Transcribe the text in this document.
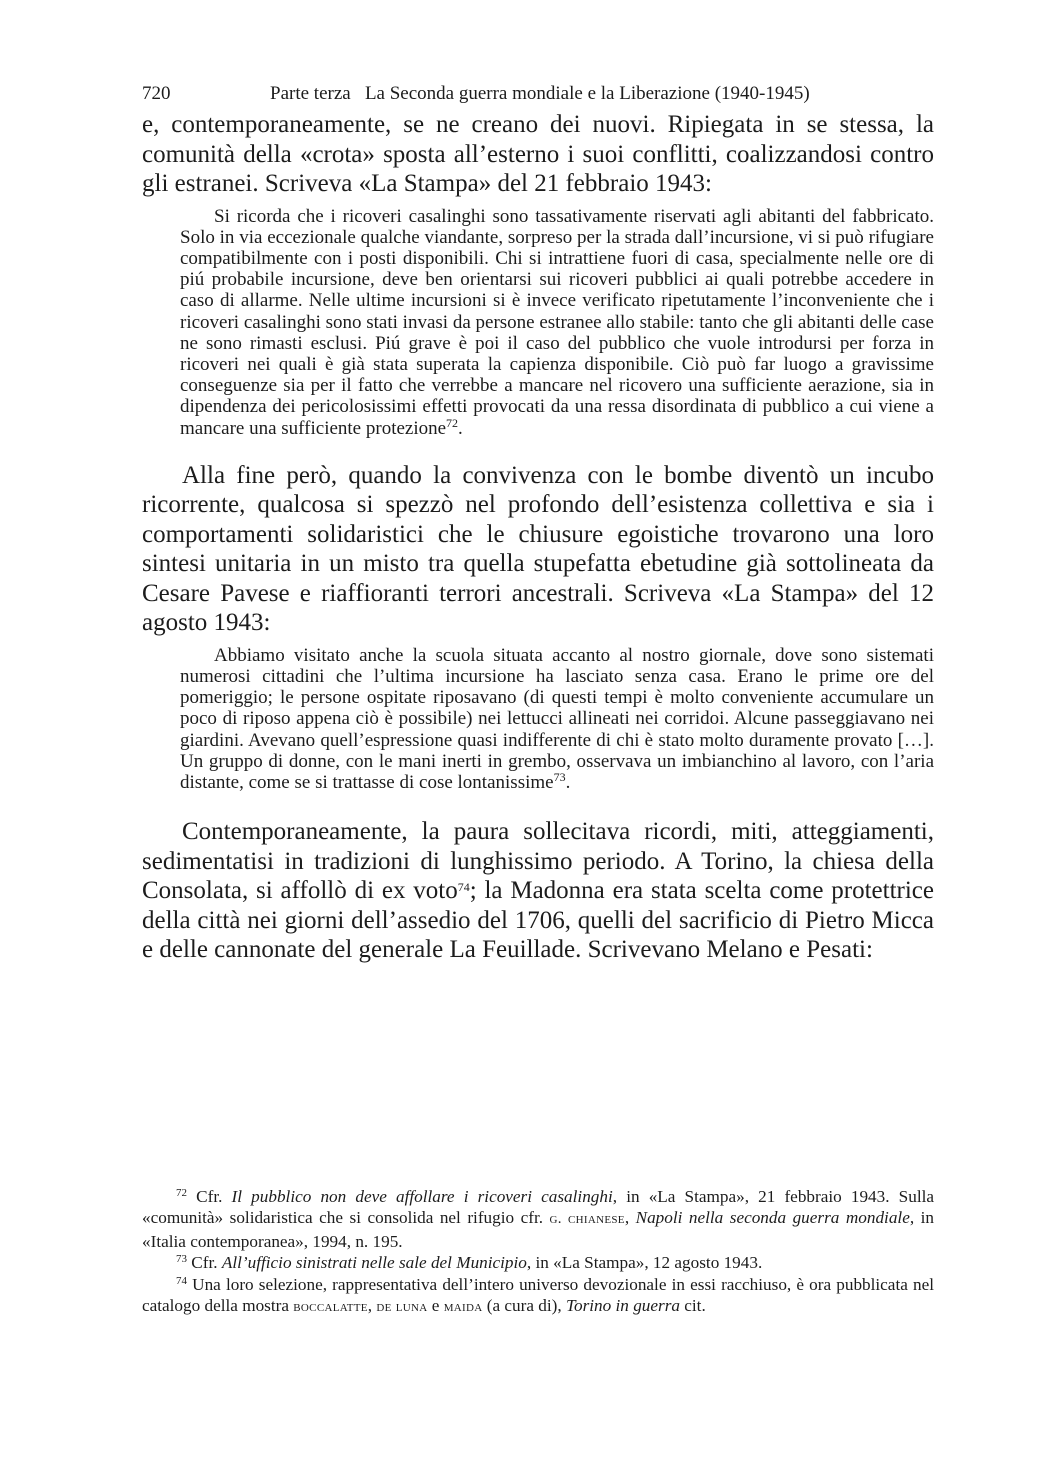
720	Parte terza   La Seconda guerra mondiale e la Liberazione (1940-1945)

e, contemporaneamente, se ne creano dei nuovi. Ripiegata in se stessa, la comunità della «crota» sposta all’esterno i suoi conflitti, coalizzandosi contro gli estranei. Scriveva «La Stampa» del 21 febbraio 1943:

Si ricorda che i ricoveri casalinghi sono tassativamente riservati agli abitanti del fabbricato. Solo in via eccezionale qualche viandante, sorpreso per la strada dall’incursione, vi si può rifugiare compatibilmente con i posti disponibili. Chi si intrattiene fuori di casa, specialmente nelle ore di piú probabile incursione, deve ben orientarsi sui ricoveri pubblici ai quali potrebbe accedere in caso di allarme. Nelle ultime incursioni si è invece verificato ripetutamente l’inconveniente che i ricoveri casalinghi sono stati invasi da persone estranee allo stabile: tanto che gli abitanti delle case ne sono rimasti esclusi. Piú grave è poi il caso del pubblico che vuole introdursi per forza in ricoveri nei quali è già stata superata la capienza disponibile. Ciò può far luogo a gravissime conseguenze sia per il fatto che verrebbe a mancare nel ricovero una sufficiente aerazione, sia in dipendenza dei pericolosissimi effetti provocati da una ressa disordinata di pubblico a cui viene a mancare una sufficiente protezione$^{72}$.

Alla fine però, quando la convivenza con le bombe diventò un incubo ricorrente, qualcosa si spezzò nel profondo dell’esistenza collettiva e sia i comportamenti solidaristici che le chiusure egoistiche trovarono una loro sintesi unitaria in un misto tra quella stupefatta ebetudine già sottolineata da Cesare Pavese e riaffioranti terrori ancestrali. Scriveva «La Stampa» del 12 agosto 1943:

Abbiamo visitato anche la scuola situata accanto al nostro giornale, dove sono sistemati numerosi cittadini che l’ultima incursione ha lasciato senza casa. Erano le prime ore del pomeriggio; le persone ospitate riposavano (di questi tempi è molto conveniente accumulare un poco di riposo appena ciò è possibile) nei lettucci allineati nei corridoi. Alcune passeggiavano nei giardini. Avevano quell’espressione quasi indifferente di chi è stato molto duramente provato […]. Un gruppo di donne, con le mani inerti in grembo, osservava un imbianchino al lavoro, con l’aria distante, come se si trattasse di cose lontanissime$^{73}$.

Contemporaneamente, la paura sollecitava ricordi, miti, atteggiamenti, sedimentatisi in tradizioni di lunghissimo periodo. A Torino, la chiesa della Consolata, si affollò di ex voto$^{74}$; la Madonna era stata scelta come protettrice della città nei giorni dell’assedio del 1706, quelli del sacrificio di Pietro Micca e delle cannonate del generale La Feuillade. Scrivevano Melano e Pesati:

$^{72}$ Cfr. Il pubblico non deve affollare i ricoveri casalinghi, in «La Stampa», 21 febbraio 1943. Sulla «comunità» solidaristica che si consolida nel rifugio cfr. g. chianese, Napoli nella seconda guerra mondiale, in «Italia contemporanea», 1994, n. 195.

$^{73}$ Cfr. All’ufficio sinistrati nelle sale del Municipio, in «La Stampa», 12 agosto 1943.

$^{74}$ Una loro selezione, rappresentativa dell’intero universo devozionale in essi racchiuso, è ora pubblicata nel catalogo della mostra boccalatte, de luna e maida (a cura di), Torino in guerra cit.
